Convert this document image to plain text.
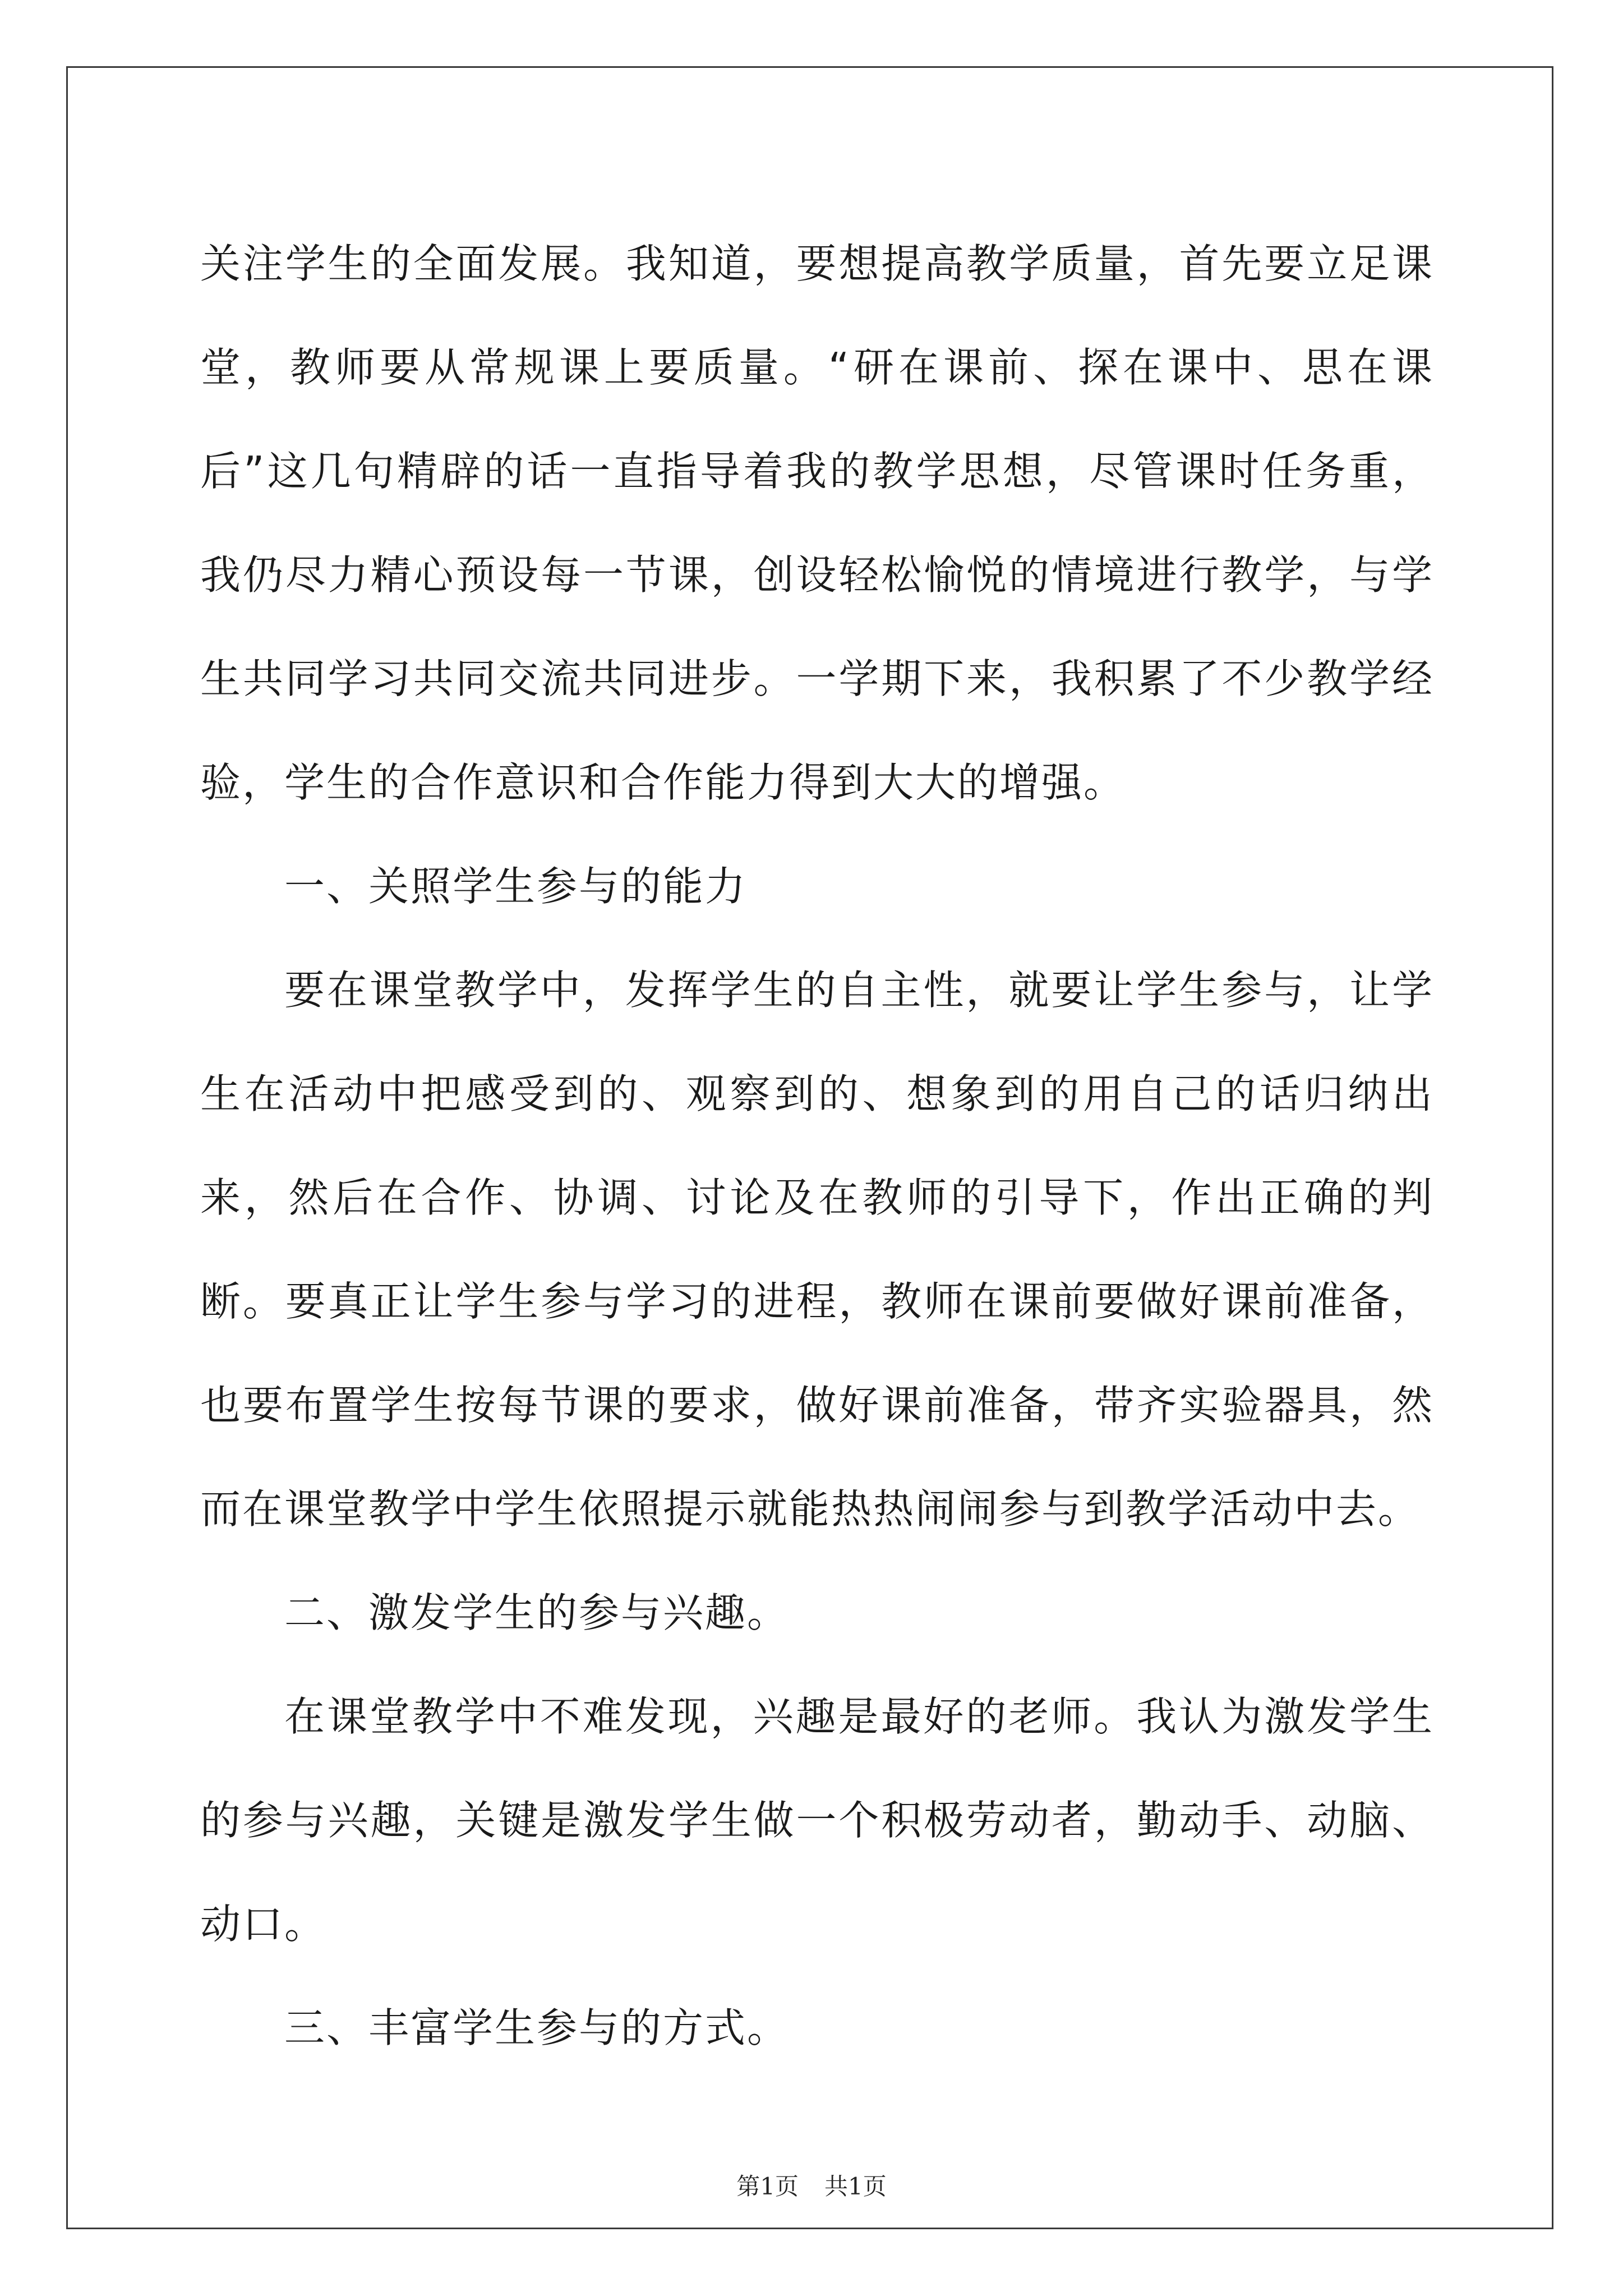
关注学生的全面发展。我知道，要想提高教学质量，首先要立足课堂，教师要从常规课上要质量。“研在课前、探在课中、思在课后”这几句精辟的话一直指导着我的教学思想，尽管课时任务重，我仍尽力精心预设每一节课，创设轻松愉悦的情境进行教学，与学生共同学习共同交流共同进步。一学期下来，我积累了不少教学经验，学生的合作意识和合作能力得到大大的增强。

一、关照学生参与的能力

要在课堂教学中，发挥学生的自主性，就要让学生参与，让学生在活动中把感受到的、观察到的、想象到的用自己的话归纳出来，然后在合作、协调、讨论及在教师的引导下，作出正确的判断。要真正让学生参与学习的进程，教师在课前要做好课前准备，也要布置学生按每节课的要求，做好课前准备，带齐实验器具，然而在课堂教学中学生依照提示就能热热闹闹参与到教学活动中去。

二、激发学生的参与兴趣。

在课堂教学中不难发现，兴趣是最好的老师。我认为激发学生的参与兴趣，关键是激发学生做一个积极劳动者，勤动手、动脑、动口。

三、丰富学生参与的方式。

第1页 共1页
